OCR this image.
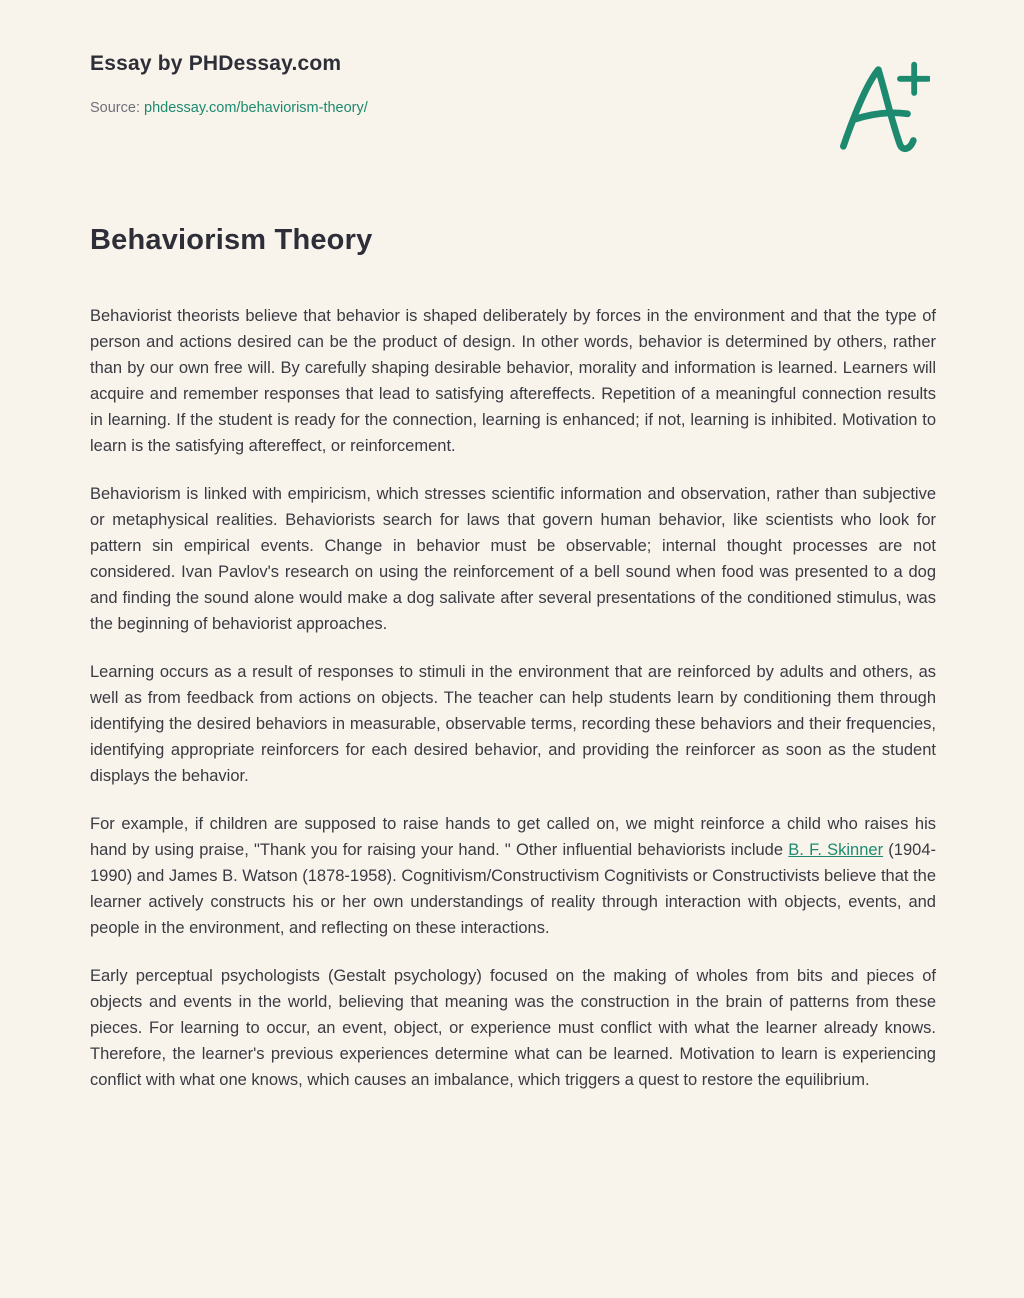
Essay by PHDessay.com
Source: phdessay.com/behaviorism-theory/
Behaviorism Theory

Behaviorist theorists believe that behavior is shaped deliberately by forces in the environment and that the type of person and actions desired can be the product of design. In other words, behavior is determined by others, rather than by our own free will. By carefully shaping desirable behavior, morality and information is learned. Learners will acquire and remember responses that lead to satisfying aftereffects. Repetition of a meaningful connection results in learning. If the student is ready for the connection, learning is enhanced; if not, learning is inhibited. Motivation to learn is the satisfying aftereffect, or reinforcement.

Behaviorism is linked with empiricism, which stresses scientific information and observation, rather than subjective or metaphysical realities. Behaviorists search for laws that govern human behavior, like scientists who look for pattern sin empirical events. Change in behavior must be observable; internal thought processes are not considered. Ivan Pavlov's research on using the reinforcement of a bell sound when food was presented to a dog and finding the sound alone would make a dog salivate after several presentations of the conditioned stimulus, was the beginning of behaviorist approaches.

Learning occurs as a result of responses to stimuli in the environment that are reinforced by adults and others, as well as from feedback from actions on objects. The teacher can help students learn by conditioning them through identifying the desired behaviors in measurable, observable terms, recording these behaviors and their frequencies, identifying appropriate reinforcers for each desired behavior, and providing the reinforcer as soon as the student displays the behavior.

For example, if children are supposed to raise hands to get called on, we might reinforce a child who raises his hand by using praise, "Thank you for raising your hand. " Other influential behaviorists include B. F. Skinner (1904-1990) and James B. Watson (1878-1958). Cognitivism/Constructivism Cognitivists or Constructivists believe that the learner actively constructs his or her own understandings of reality through interaction with objects, events, and people in the environment, and reflecting on these interactions.

Early perceptual psychologists (Gestalt psychology) focused on the making of wholes from bits and pieces of objects and events in the world, believing that meaning was the construction in the brain of patterns from these pieces. For learning to occur, an event, object, or experience must conflict with what the learner already knows. Therefore, the learner's previous experiences determine what can be learned. Motivation to learn is experiencing conflict with what one knows, which causes an imbalance, which triggers a quest to restore the equilibrium.
